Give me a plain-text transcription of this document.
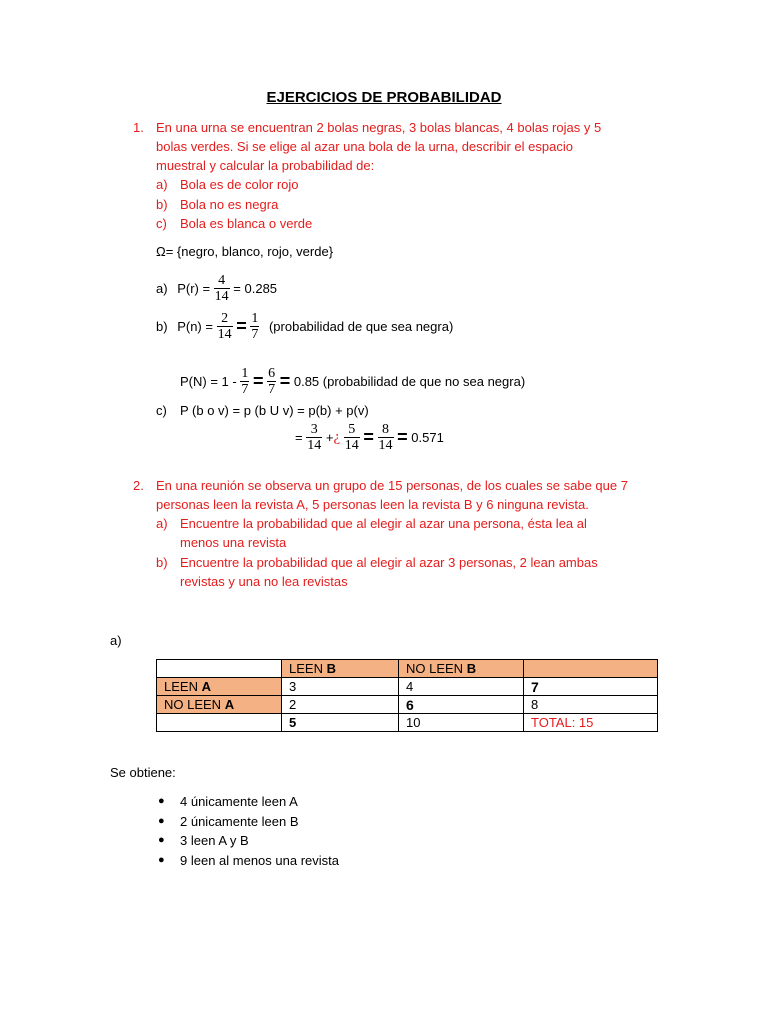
EJERCICIOS DE PROBABILIDAD
1. En una urna se encuentran 2 bolas negras, 3 bolas blancas, 4 bolas rojas y 5
bolas verdes. Si se elige al azar una bola de la urna, describir el espacio
muestral y calcular la probabilidad de:
a) Bola es de color rojo
b) Bola no es negra
c) Bola es blanca o verde
Ω= {negro, blanco, rojo, verde}
a) $P(r) = \frac{4}{14} = 0.285$
b) $P(n) = \frac{2}{14} = \frac{1}{7}$ (probabilidad de que sea negra)
$P(N) = 1 - \frac{1}{7} = \frac{6}{7} = 0.85$ (probabilidad de que no sea negra)
c) P (b o v) = p (b U v) = p(b) + p(v)
= $\frac{3}{14}$ +¿ $\frac{5}{14} = \frac{8}{14} = 0.571$
2. En una reunión se observa un grupo de 15 personas, de los cuales se sabe que 7
personas leen la revista A, 5 personas leen la revista B y 6 ninguna revista.
a) Encuentre la probabilidad que al elegir al azar una persona, ésta lea al
menos una revista
b) Encuentre la probabilidad que al elegir al azar 3 personas, 2 lean ambas
revistas y una no lea revistas
a)
	LEEN B	NO LEEN B	
LEEN A	3	4	7
NO LEEN A	2	6	8
	5	10	TOTAL: 15
Se obtiene:
● 4 únicamente leen A
● 2 únicamente leen B
● 3 leen A y B
● 9 leen al menos una revista
